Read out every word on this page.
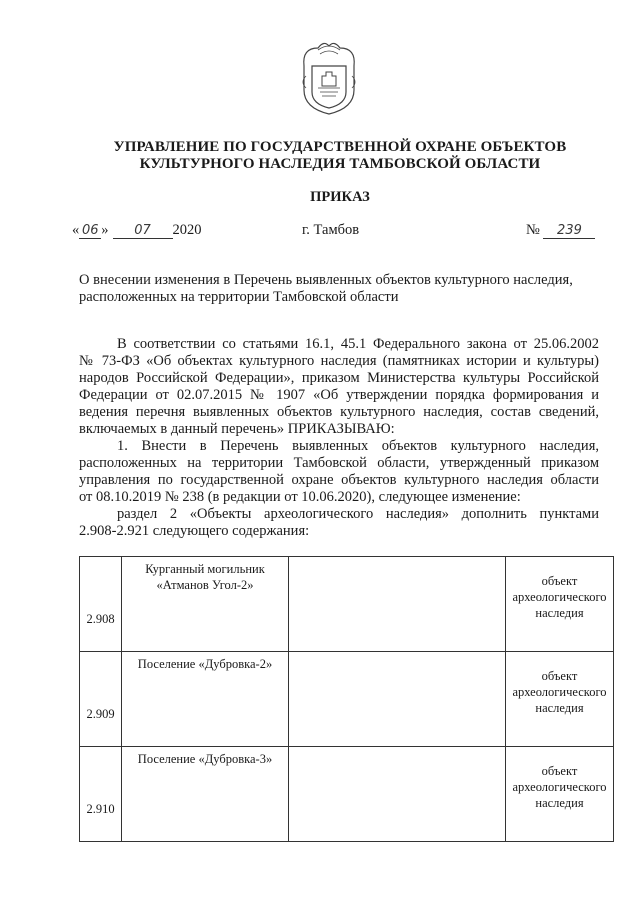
УПРАВЛЕНИЕ ПО ГОСУДАРСТВЕННОЙ ОХРАНЕ ОБЪЕКТОВ
КУЛЬТУРНОГО НАСЛЕДИЯ ТАМБОВСКОЙ ОБЛАСТИ
ПРИКАЗ
« 06 » 07 2020	г. Тамбов	№ 239
О внесении изменения в Перечень выявленных объектов культурного наследия,
расположенных на территории Тамбовской области
В соответствии со статьями 16.1, 45.1 Федерального закона от 25.06.2002
№ 73-ФЗ «Об объектах культурного наследия (памятниках истории и культуры)
народов Российской Федерации», приказом Министерства культуры Российской
Федерации от 02.07.2015 № 1907 «Об утверждении порядка формирования и
ведения перечня выявленных объектов культурного наследия, состав сведений,
включаемых в данный перечень» ПРИКАЗЫВАЮ:
1. Внести в Перечень выявленных объектов культурного наследия,
расположенных на территории Тамбовской области, утвержденный приказом
управления по государственной охране объектов культурного наследия области
от 08.10.2019 № 238 (в редакции от 10.06.2020), следующее изменение:
раздел 2 «Объекты археологического наследия» дополнить пунктами
2.908-2.921 следующего содержания:
2.908	Курганный могильник «Атманов Угол-2»		объект археологического наследия

2.909	Поселение «Дубровка-2»		объект археологического наследия

2.910	Поселение «Дубровка-3»		объект археологического наследия
